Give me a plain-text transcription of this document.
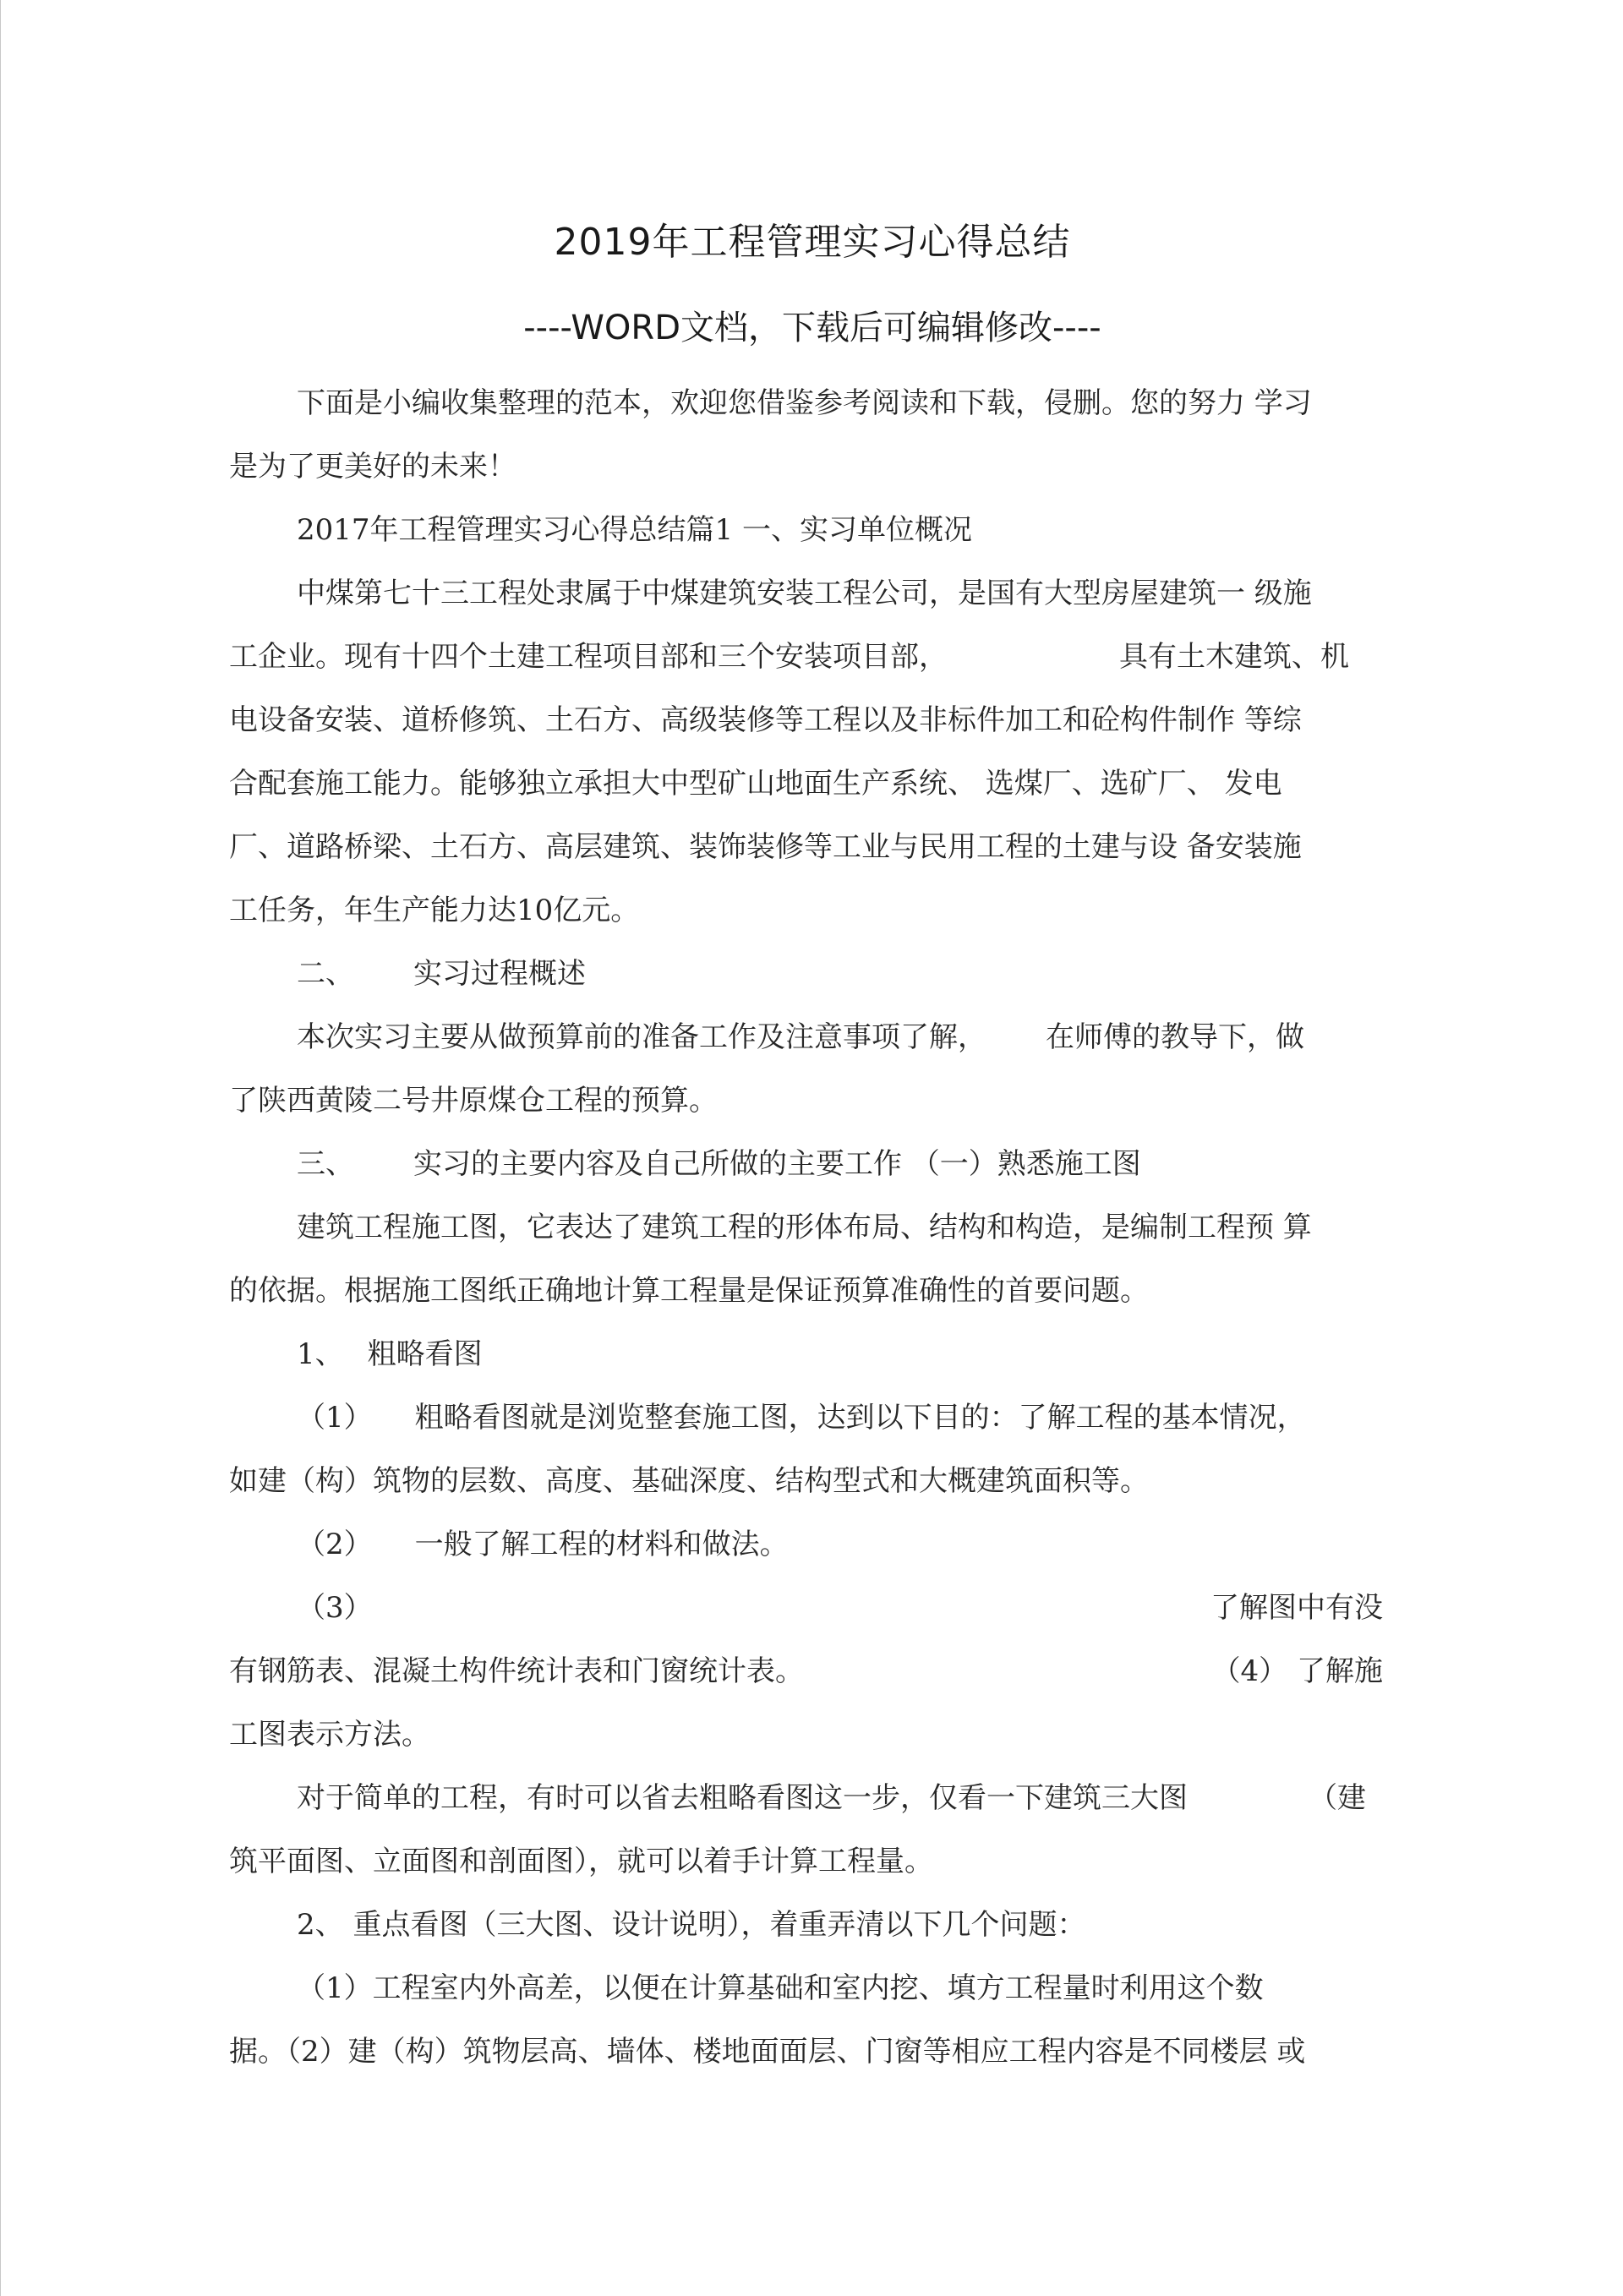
2019年工程管理实习心得总结
----WORD文档，下载后可编辑修改----
下面是小编收集整理的范本，欢迎您借鉴参考阅读和下载，侵删。您的努力 学习
是为了更美好的未来！
2017年工程管理实习心得总结篇1 一、实习单位概况
中煤第七十三工程处隶属于中煤建筑安装工程公司，是国有大型房屋建筑一 级施
工企业。现有十四个土建工程项目部和三个安装项目部，	具有土木建筑、机
电设备安装、道桥修筑、土石方、高级装修等工程以及非标件加工和砼构件制作 等综
合配套施工能力。能够独立承担大中型矿山地面生产系统、 选煤厂、选矿厂、 发电
厂、道路桥梁、土石方、高层建筑、装饰装修等工业与民用工程的土建与设 备安装施
工任务，年生产能力达10亿元。
二、 实习过程概述
本次实习主要从做预算前的准备工作及注意事项了解， 在师傅的教导下，做
了陕西黄陵二号井原煤仓工程的预算。
三、 实习的主要内容及自己所做的主要工作 （一）熟悉施工图
建筑工程施工图，它表达了建筑工程的形体布局、结构和构造，是编制工程预 算
的依据。根据施工图纸正确地计算工程量是保证预算准确性的首要问题。
1、 粗略看图
（1） 粗略看图就是浏览整套施工图，达到以下目的：了解工程的基本情况，
如建（构）筑物的层数、高度、基础深度、结构型式和大概建筑面积等。
（2） 一般了解工程的材料和做法。
（3）	了解图中有没
有钢筋表、混凝土构件统计表和门窗统计表。	（4） 了解施
工图表示方法。
对于简单的工程，有时可以省去粗略看图这一步，仅看一下建筑三大图	（建
筑平面图、立面图和剖面图），就可以着手计算工程量。
2、 重点看图（三大图、设计说明），着重弄清以下几个问题：
（1）工程室内外高差，以便在计算基础和室内挖、填方工程量时利用这个数
据。（2）建（构）筑物层高、墙体、楼地面面层、门窗等相应工程内容是不同楼层 或
